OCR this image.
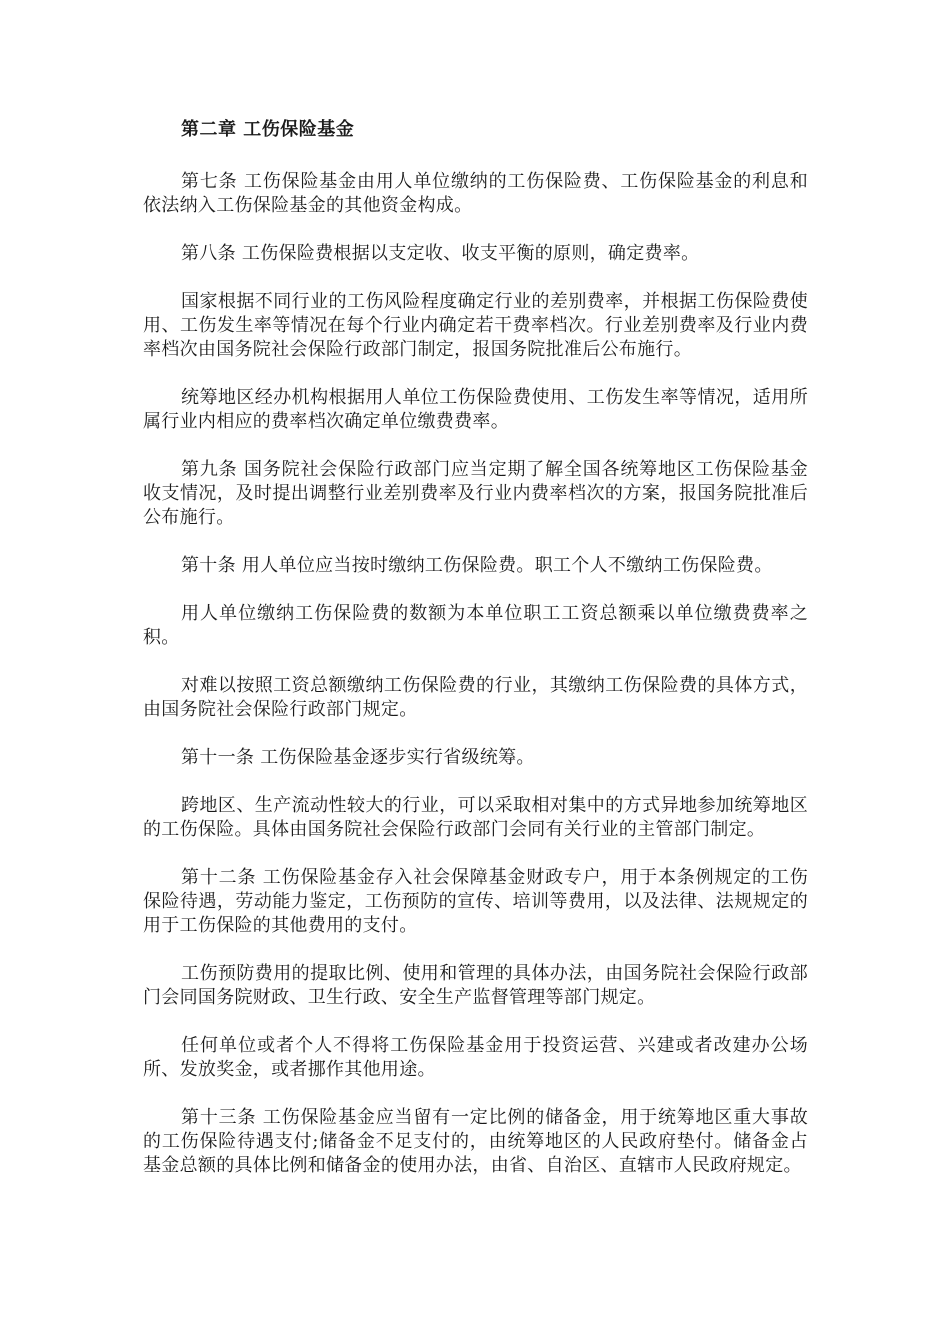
第二章 工伤保险基金

第七条 工伤保险基金由用人单位缴纳的工伤保险费、工伤保险基金的利息和依法纳入工伤保险基金的其他资金构成。

第八条 工伤保险费根据以支定收、收支平衡的原则，确定费率。

国家根据不同行业的工伤风险程度确定行业的差别费率，并根据工伤保险费使用、工伤发生率等情况在每个行业内确定若干费率档次。行业差别费率及行业内费率档次由国务院社会保险行政部门制定，报国务院批准后公布施行。

统筹地区经办机构根据用人单位工伤保险费使用、工伤发生率等情况，适用所属行业内相应的费率档次确定单位缴费费率。

第九条 国务院社会保险行政部门应当定期了解全国各统筹地区工伤保险基金收支情况，及时提出调整行业差别费率及行业内费率档次的方案，报国务院批准后公布施行。

第十条 用人单位应当按时缴纳工伤保险费。职工个人不缴纳工伤保险费。

用人单位缴纳工伤保险费的数额为本单位职工工资总额乘以单位缴费费率之积。

对难以按照工资总额缴纳工伤保险费的行业，其缴纳工伤保险费的具体方式，由国务院社会保险行政部门规定。

第十一条 工伤保险基金逐步实行省级统筹。

跨地区、生产流动性较大的行业，可以采取相对集中的方式异地参加统筹地区的工伤保险。具体由国务院社会保险行政部门会同有关行业的主管部门制定。

第十二条 工伤保险基金存入社会保障基金财政专户，用于本条例规定的工伤保险待遇，劳动能力鉴定，工伤预防的宣传、培训等费用，以及法律、法规规定的用于工伤保险的其他费用的支付。

工伤预防费用的提取比例、使用和管理的具体办法，由国务院社会保险行政部门会同国务院财政、卫生行政、安全生产监督管理等部门规定。

任何单位或者个人不得将工伤保险基金用于投资运营、兴建或者改建办公场所、发放奖金，或者挪作其他用途。

第十三条 工伤保险基金应当留有一定比例的储备金，用于统筹地区重大事故的工伤保险待遇支付;储备金不足支付的，由统筹地区的人民政府垫付。储备金占基金总额的具体比例和储备金的使用办法，由省、自治区、直辖市人民政府规定。
